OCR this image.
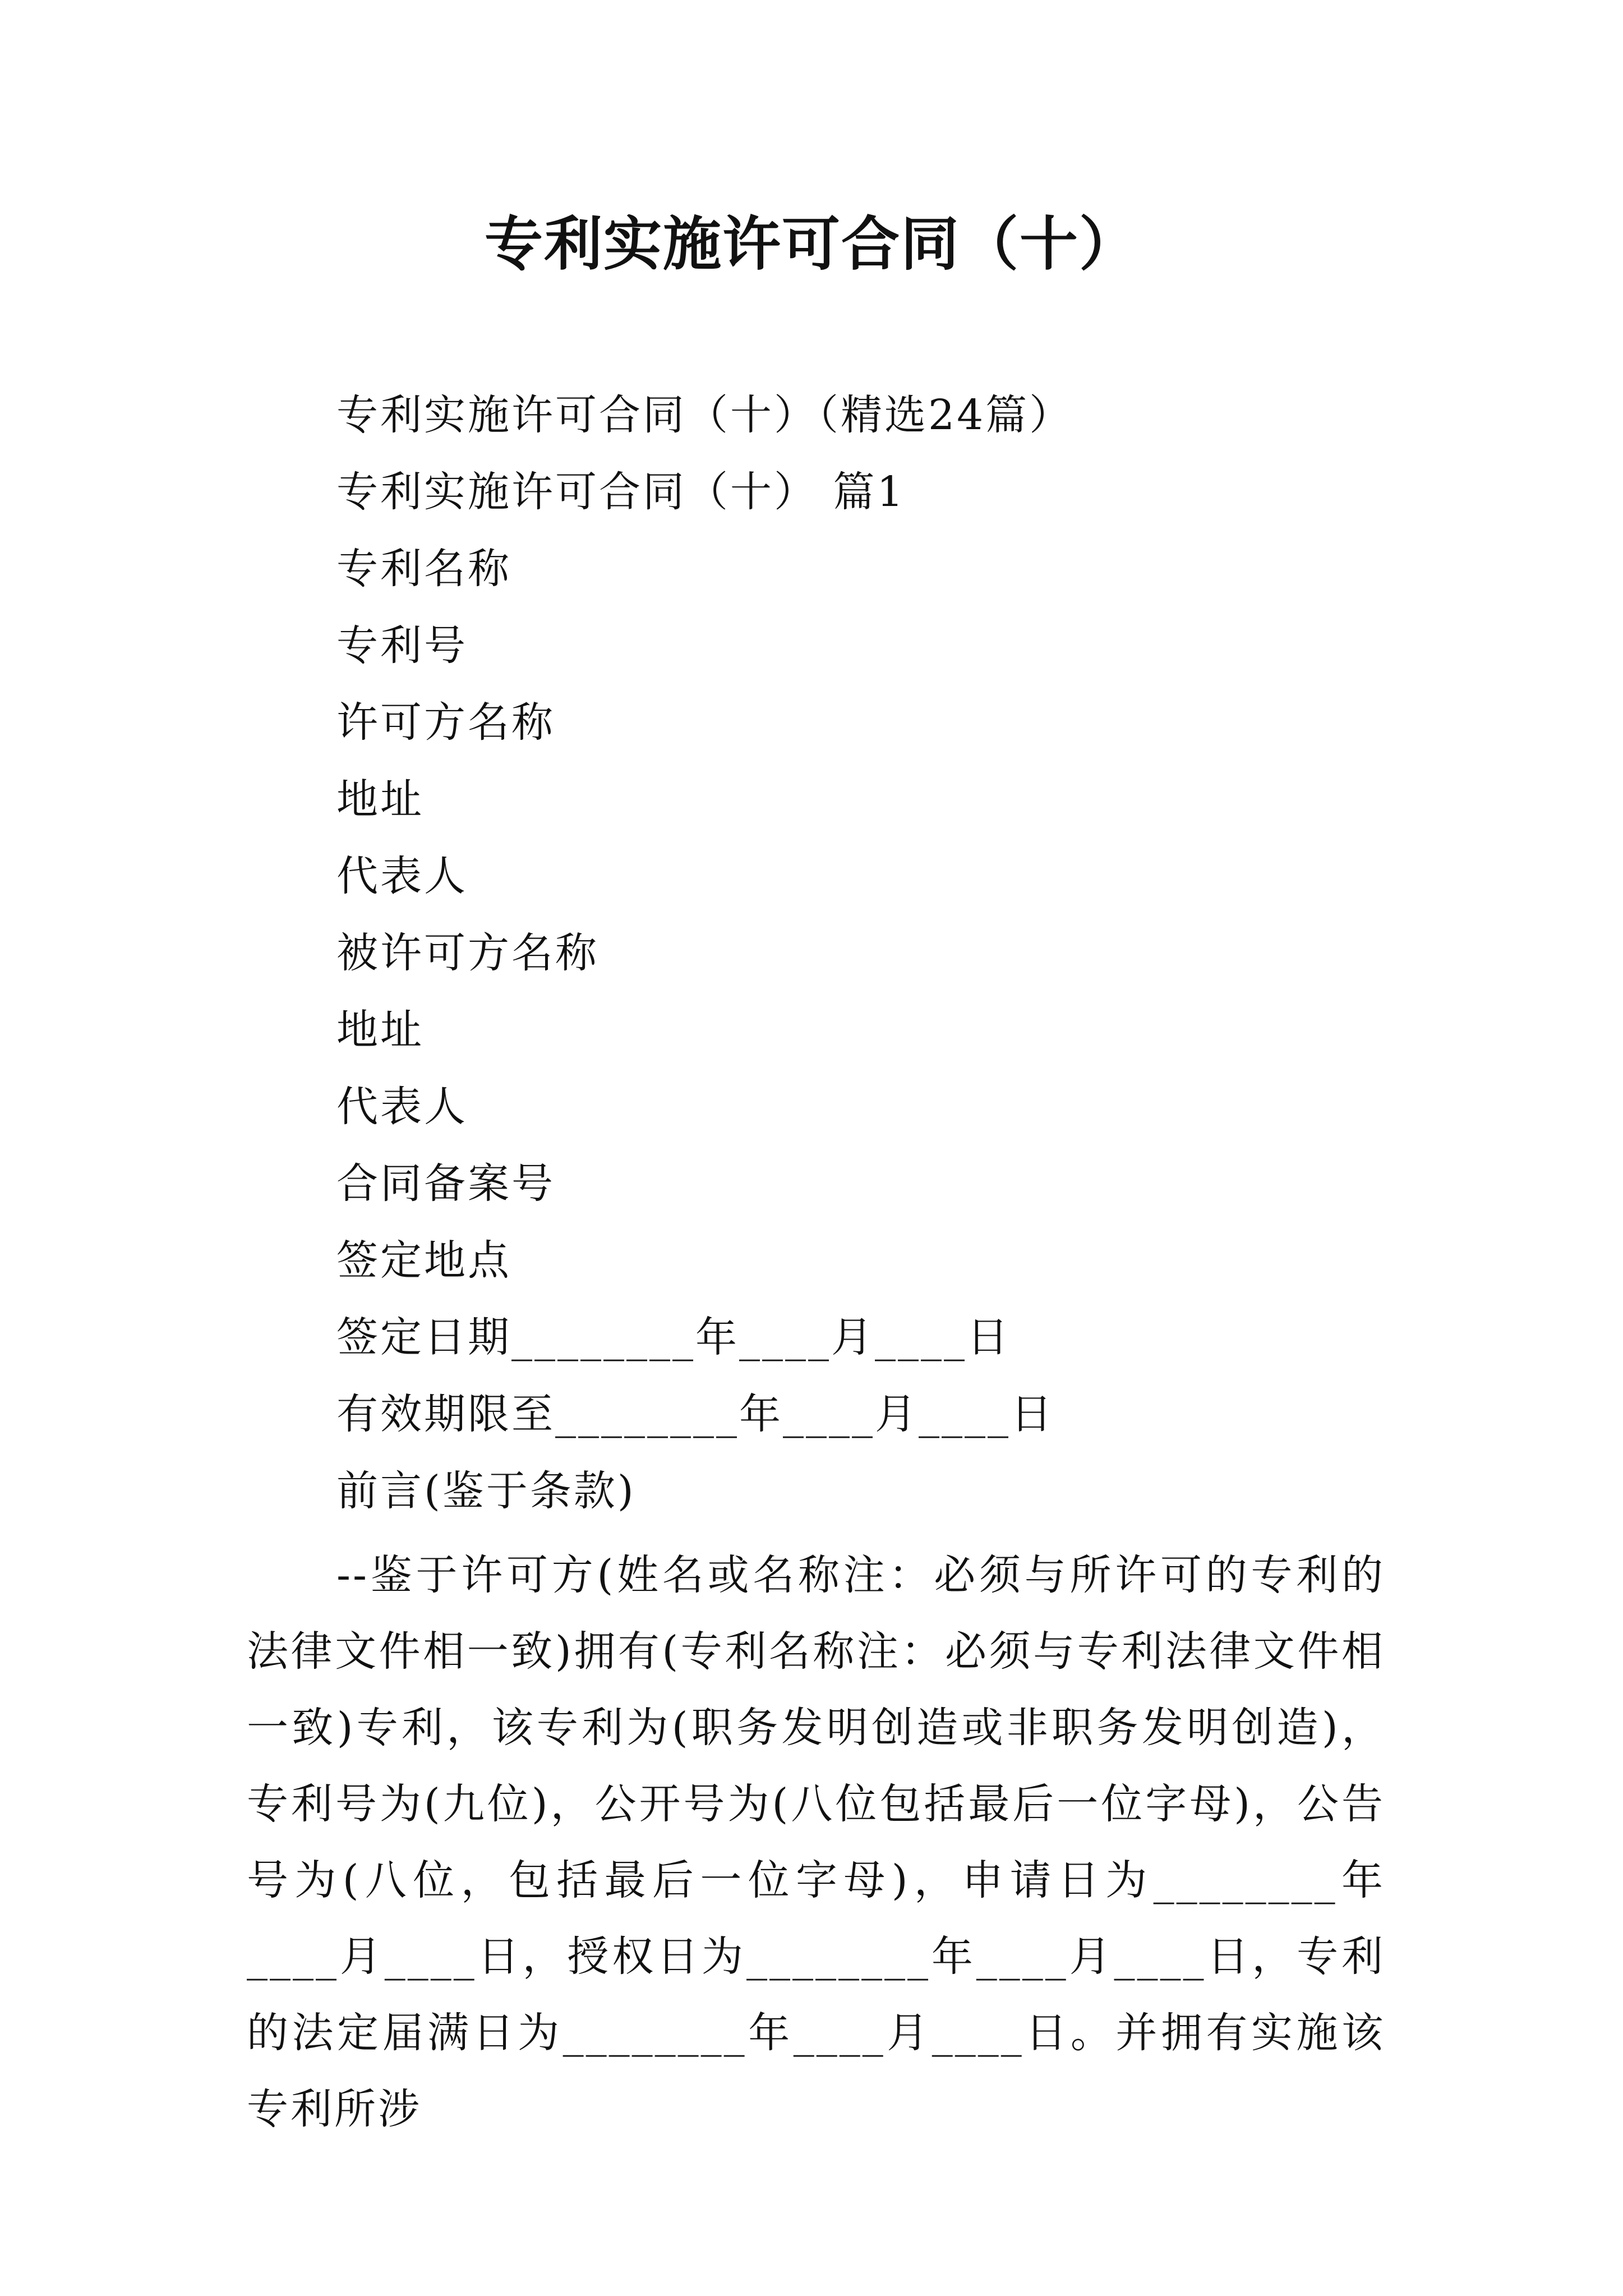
专利实施许可合同（十）
专利实施许可合同（十）（精选24篇）
专利实施许可合同（十） 篇1
专利名称
专利号
许可方名称
地址
代表人
被许可方名称
地址
代表人
合同备案号
签定地点
签定日期________年____月____日
有效期限至________年____月____日
前言(鉴于条款)

--鉴于许可方(姓名或名称注：必须与所许可的专利的法律文件相一致)拥有(专利名称注：必须与专利法律文件相一致)专利，该专利为(职务发明创造或非职务发明创造)，专利号为(九位)，公开号为(八位包括最后一位字母)，公告号为(八位，包括最后一位字母)，申请日为________年____月____日，授权日为________年____月____日，专利的法定届满日为________年____月____日。并拥有实施该专利所涉
